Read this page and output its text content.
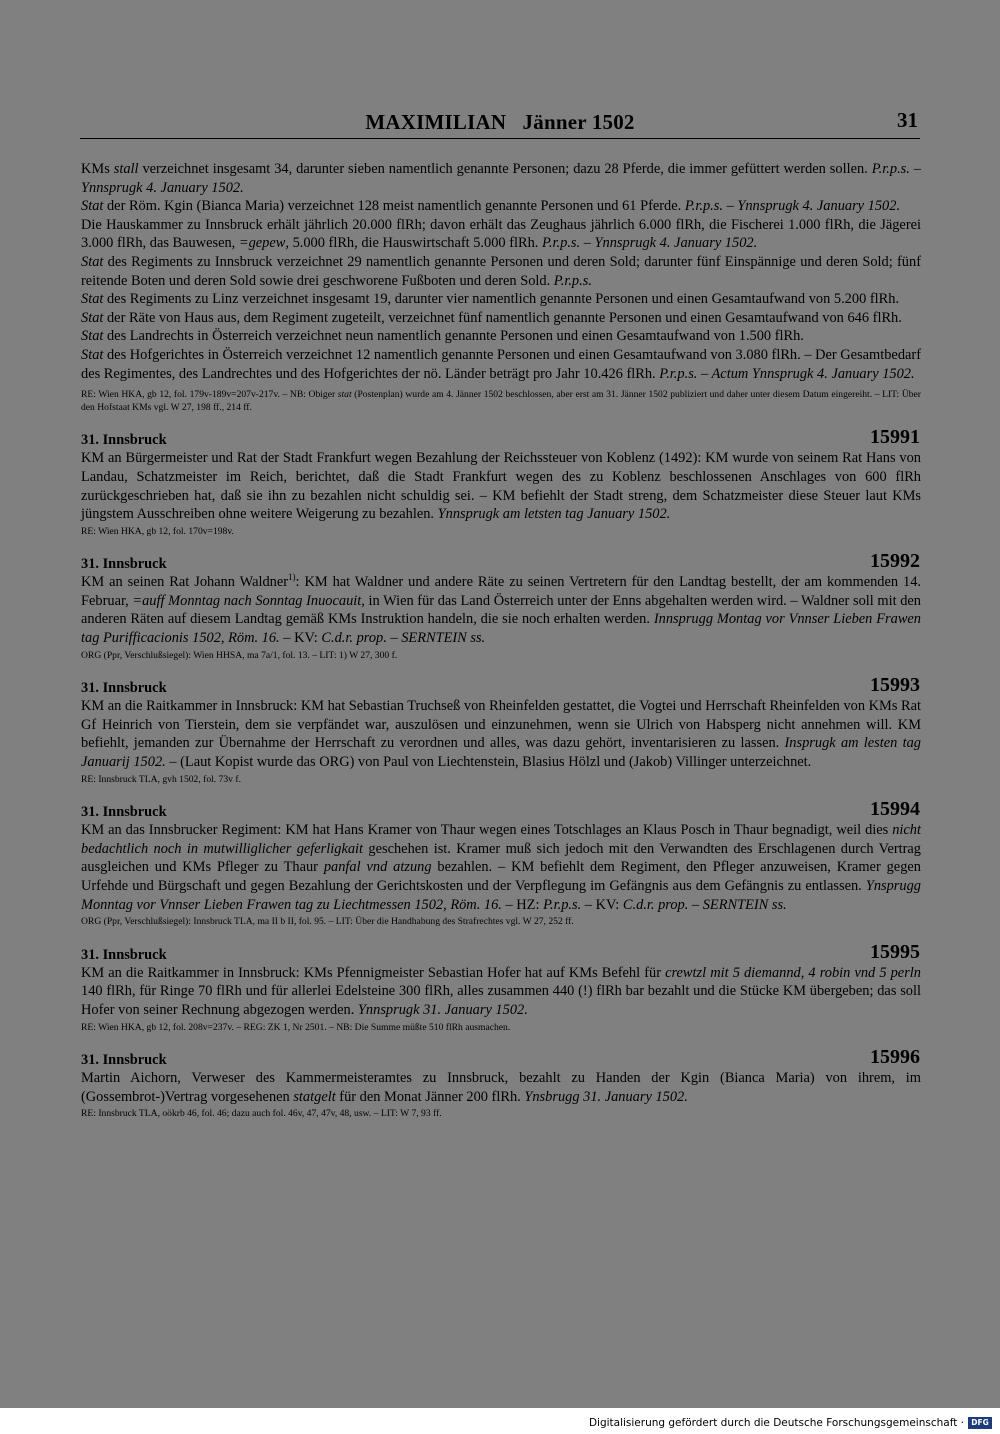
MAXIMILIAN   Jänner 1502	31

KMs stall verzeichnet insgesamt 34, darunter sieben namentlich genannte Personen; dazu 28 Pferde, die immer gefüttert werden sollen. P.r.p.s. – Ynnsprugk 4. January 1502.

Stat der Röm. Kgin (Bianca Maria) verzeichnet 128 meist namentlich genannte Personen und 61 Pferde. P.r.p.s. – Ynnsprugk 4. January 1502.

Die Hauskammer zu Innsbruck erhält jährlich 20.000 flRh; davon erhält das Zeughaus jährlich 6.000 flRh, die Fischerei 1.000 flRh, die Jägerei 3.000 flRh, das Bauwesen, =gepew, 5.000 flRh, die Hauswirtschaft 5.000 flRh. P.r.p.s. – Ynnsprugk 4. January 1502.

Stat des Regiments zu Innsbruck verzeichnet 29 namentlich genannte Personen und deren Sold; darunter fünf Einspännige und deren Sold; fünf reitende Boten und deren Sold sowie drei geschworene Fußboten und deren Sold. P.r.p.s.

Stat des Regiments zu Linz verzeichnet insgesamt 19, darunter vier namentlich genannte Personen und einen Gesamtaufwand von 5.200 flRh.

Stat der Räte von Haus aus, dem Regiment zugeteilt, verzeichnet fünf namentlich genannte Personen und einen Gesamtaufwand von 646 flRh.

Stat des Landrechts in Österreich verzeichnet neun namentlich genannte Personen und einen Gesamtaufwand von 1.500 flRh.

Stat des Hofgerichtes in Österreich verzeichnet 12 namentlich genannte Personen und einen Gesamtaufwand von 3.080 flRh. – Der Gesamtbedarf des Regimentes, des Landrechtes und des Hofgerichtes der nö. Länder beträgt pro Jahr 10.426 flRh. P.r.p.s. – Actum Ynnsprugk 4. January 1502.

RE: Wien HKA, gb 12, fol. 179v-189v=207v-217v. – NB: Obiger stat (Postenplan) wurde am 4. Jänner 1502 beschlossen, aber erst am 31. Jänner 1502 publiziert und daher unter diesem Datum eingereiht. – LIT: Über den Hofstaat KMs vgl. W 27, 198 ff., 214 ff.

31. Innsbruck	15991

KM an Bürgermeister und Rat der Stadt Frankfurt wegen Bezahlung der Reichssteuer von Koblenz (1492): KM wurde von seinem Rat Hans von Landau, Schatzmeister im Reich, berichtet, daß die Stadt Frankfurt wegen des zu Koblenz beschlossenen Anschlages von 600 flRh zurückgeschrieben hat, daß sie ihn zu bezahlen nicht schuldig sei. – KM befiehlt der Stadt streng, dem Schatzmeister diese Steuer laut KMs jüngstem Ausschreiben ohne weitere Weigerung zu bezahlen. Ynnsprugk am letsten tag January 1502.

RE: Wien HKA, gb 12, fol. 170v=198v.

31. Innsbruck	15992

KM an seinen Rat Johann Waldner$^{1)}$: KM hat Waldner und andere Räte zu seinen Vertretern für den Landtag bestellt, der am kommenden 14. Februar, =auff Monntag nach Sonntag Inuocauit, in Wien für das Land Österreich unter der Enns abgehalten werden wird. – Waldner soll mit den anderen Räten auf diesem Landtag gemäß KMs Instruktion handeln, die sie noch erhalten werden. Innsprugg Montag vor Vnnser Lieben Frawen tag Purifficacionis 1502, Röm. 16. – KV: C.d.r. prop. – SERNTEIN ss.

ORG (Ppr, Verschlußsiegel): Wien HHSA, ma 7a/1, fol. 13. – LIT: 1) W 27, 300 f.

31. Innsbruck	15993

KM an die Raitkammer in Innsbruck: KM hat Sebastian Truchseß von Rheinfelden gestattet, die Vogtei und Herrschaft Rheinfelden von KMs Rat Gf Heinrich von Tierstein, dem sie verpfändet war, auszulösen und einzunehmen, wenn sie Ulrich von Habsperg nicht annehmen will. KM befiehlt, jemanden zur Übernahme der Herrschaft zu verordnen und alles, was dazu gehört, inventarisieren zu lassen. Insprugk am lesten tag Januarij 1502. – (Laut Kopist wurde das ORG) von Paul von Liechtenstein, Blasius Hölzl und (Jakob) Villinger unterzeichnet.

RE: Innsbruck TLA, gvh 1502, fol. 73v f.

31. Innsbruck	15994

KM an das Innsbrucker Regiment: KM hat Hans Kramer von Thaur wegen eines Totschlages an Klaus Posch in Thaur begnadigt, weil dies nicht bedachtlich noch in mutwilliglicher geferligkait geschehen ist. Kramer muß sich jedoch mit den Verwandten des Erschlagenen durch Vertrag ausgleichen und KMs Pfleger zu Thaur panfal vnd atzung bezahlen. – KM befiehlt dem Regiment, den Pfleger anzuweisen, Kramer gegen Urfehde und Bürgschaft und gegen Bezahlung der Gerichtskosten und der Verpflegung im Gefängnis aus dem Gefängnis zu entlassen. Ynsprugg Monntag vor Vnnser Lieben Frawen tag zu Liechtmessen 1502, Röm. 16. – HZ: P.r.p.s. – KV: C.d.r. prop. – SERNTEIN ss.

ORG (Ppr, Verschlußsiegel): Innsbruck TLA, ma II b II, fol. 95. – LIT: Über die Handhabung des Strafrechtes vgl. W 27, 252 ff.

31. Innsbruck	15995

KM an die Raitkammer in Innsbruck: KMs Pfennigmeister Sebastian Hofer hat auf KMs Befehl für crewtzl mit 5 diemannd, 4 robin vnd 5 perln 140 flRh, für Ringe 70 flRh und für allerlei Edelsteine 300 flRh, alles zusammen 440 (!) flRh bar bezahlt und die Stücke KM übergeben; das soll Hofer von seiner Rechnung abgezogen werden. Ynnsprugk 31. January 1502.

RE: Wien HKA, gb 12, fol. 208v=237v. – REG: ZK 1, Nr 2501. – NB: Die Summe müßte 510 flRh ausmachen.

31. Innsbruck	15996

Martin Aichorn, Verweser des Kammermeisteramtes zu Innsbruck, bezahlt zu Handen der Kgin (Bianca Maria) von ihrem, im (Gossembrot-)Vertrag vorgesehenen statgelt für den Monat Jänner 200 flRh. Ynsbrugg 31. January 1502.

RE: Innsbruck TLA, oökrb 46, fol. 46; dazu auch fol. 46v, 47, 47v, 48, usw. – LIT: W 7, 93 ff.

Digitalisierung gefördert durch die Deutsche Forschungsgemeinschaft · DFG
